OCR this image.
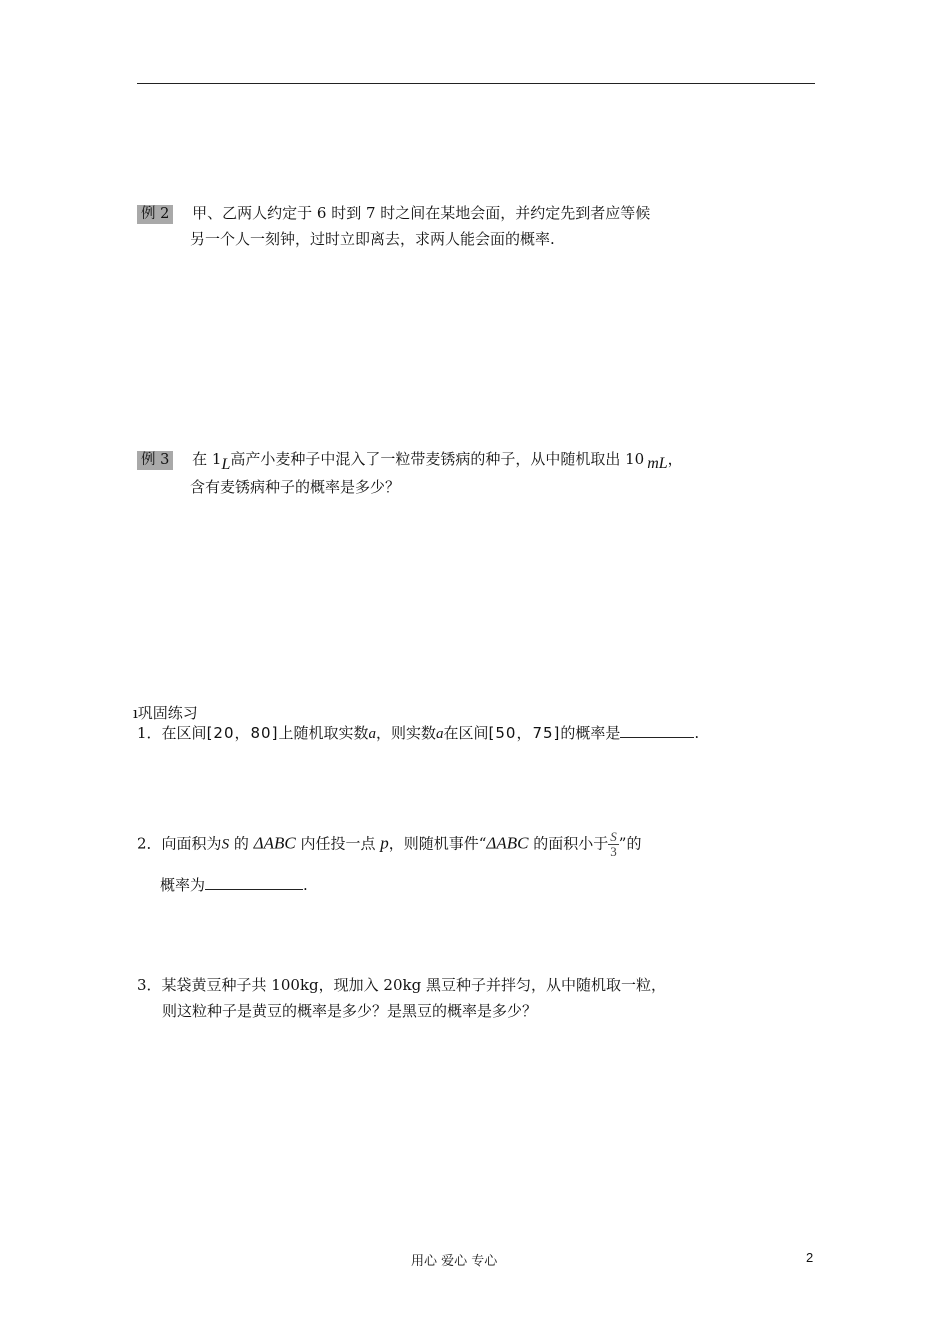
例 2 甲、乙两人约定于 6 时到 7 时之间在某地会面，并约定先到者应等候
另一个人一刻钟，过时立即离去，求两人能会面的概率.
例 3 在 1L高产小麦种子中混入了一粒带麦锈病的种子，从中随机取出 10 mL，
含有麦锈病种子的概率是多少？
ı巩固练习
1．在区间[20，80]上随机取实数a，则实数a在区间[50，75]的概率是	.
2．向面积为S 的 ΔABC 内任投一点 p，则随机事件“ΔABC 的面积小于 $\frac{S}{3}$ ”的
概率为	.
3．某袋黄豆种子共 100kg，现加入 20kg 黑豆种子并拌匀，从中随机取一粒，
则这粒种子是黄豆的概率是多少？是黑豆的概率是多少？
用心 爱心 专心	2
